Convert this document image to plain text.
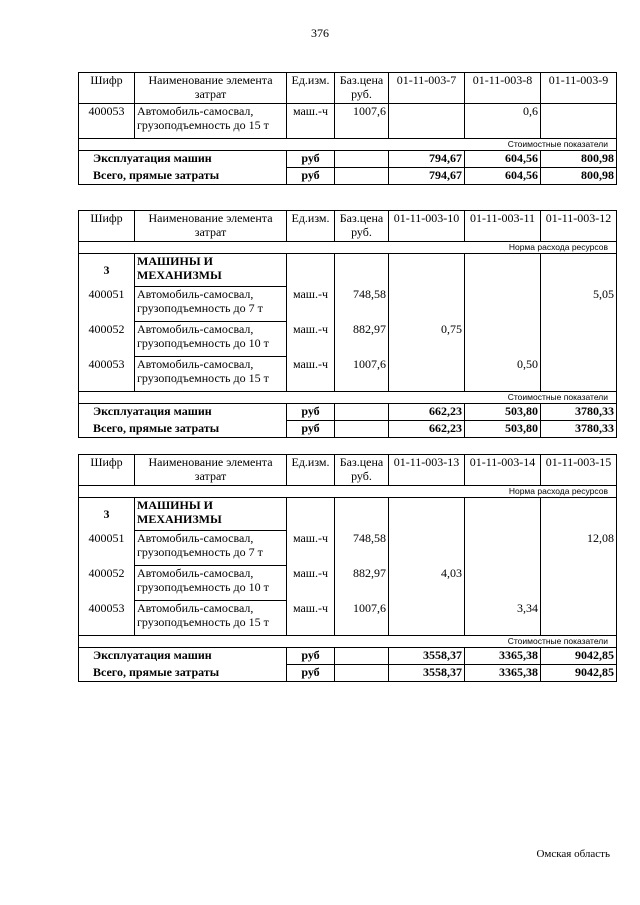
376
Шифр	Наименование элемента затрат	Ед.изм.	Баз.цена руб.	01-11-003-7	01-11-003-8	01-11-003-9
400053	Автомобиль-самосвал,
грузоподъемность до 15 т	маш.-ч	1007,6		0,6	
Стоимостные показатели						
Эксплуатация машин		руб		794,67	604,56	800,98
Всего, прямые затраты		руб		794,67	604,56	800,98
Шифр	Наименование элемента затрат	Ед.изм.	Баз.цена руб.	01-11-003-10	01-11-003-11	01-11-003-12
Норма расхода ресурсов						
3	МАШИНЫ И МЕХАНИЗМЫ					
400051	Автомобиль-самосвал,
грузоподъемность до 7 т	маш.-ч	748,58			5,05
400052	Автомобиль-самосвал,
грузоподъемность до 10 т	маш.-ч	882,97	0,75		
400053	Автомобиль-самосвал,
грузоподъемность до 15 т	маш.-ч	1007,6		0,50	
Стоимостные показатели						
Эксплуатация машин		руб		662,23	503,80	3780,33
Всего, прямые затраты		руб		662,23	503,80	3780,33
Шифр	Наименование элемента затрат	Ед.изм.	Баз.цена руб.	01-11-003-13	01-11-003-14	01-11-003-15
Норма расхода ресурсов						
3	МАШИНЫ И МЕХАНИЗМЫ					
400051	Автомобиль-самосвал,
грузоподъемность до 7 т	маш.-ч	748,58			12,08
400052	Автомобиль-самосвал,
грузоподъемность до 10 т	маш.-ч	882,97	4,03		
400053	Автомобиль-самосвал,
грузоподъемность до 15 т	маш.-ч	1007,6		3,34	
Стоимостные показатели						
Эксплуатация машин		руб		3558,37	3365,38	9042,85
Всего, прямые затраты		руб		3558,37	3365,38	9042,85
Омская область
